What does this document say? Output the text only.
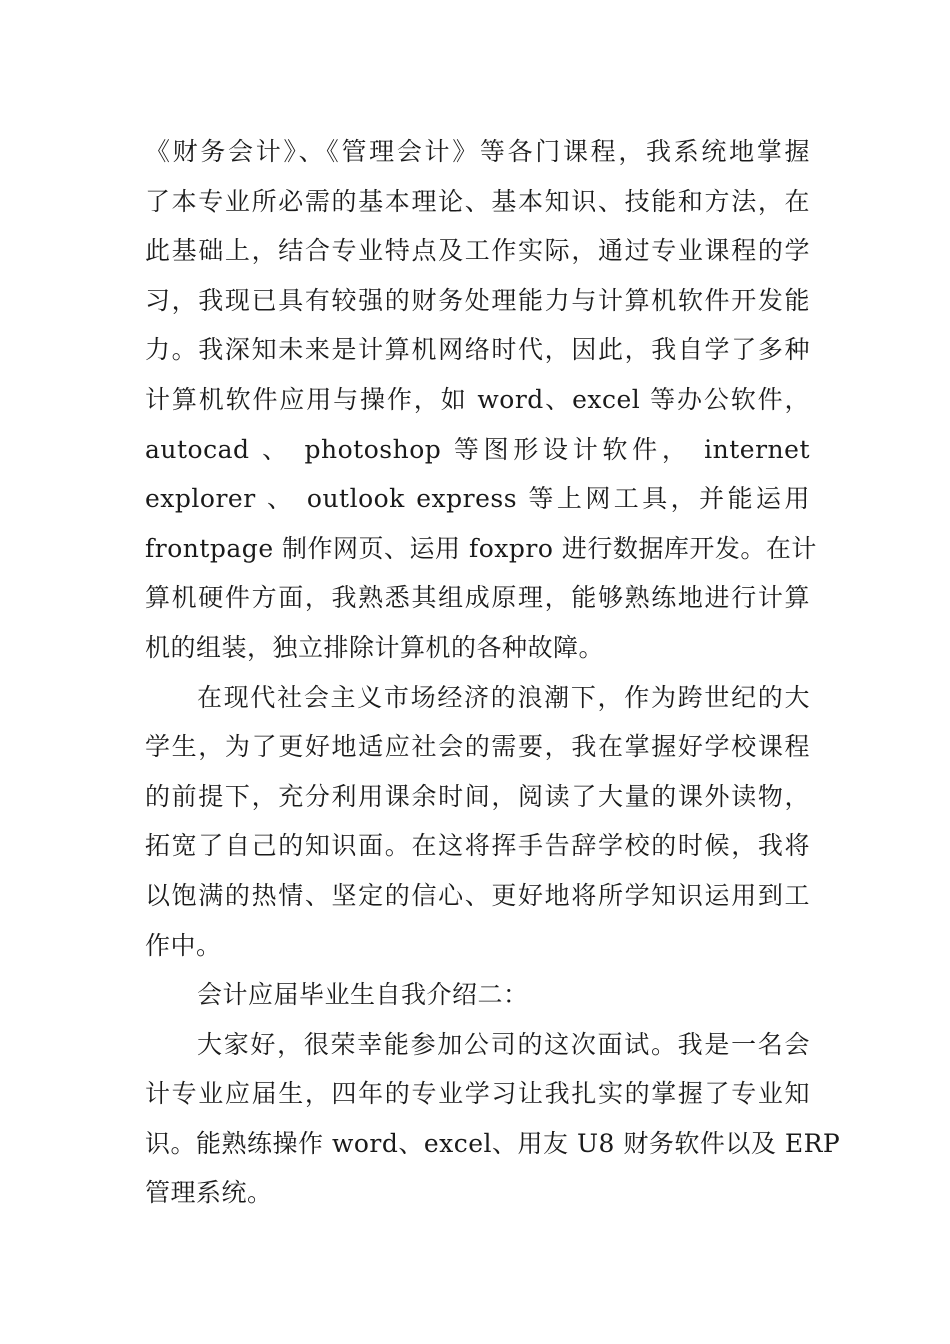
《财务会计》、《管理会计》等各门课程，我系统地掌握
了本专业所必需的基本理论、基本知识、技能和方法，在
此基础上，结合专业特点及工作实际，通过专业课程的学
习，我现已具有较强的财务处理能力与计算机软件开发能
力。我深知未来是计算机网络时代，因此，我自学了多种
计算机软件应用与操作，如 word、excel 等办公软件，
autocad 、 photoshop 等图形设计软件， internet
explorer 、 outlook express 等上网工具，并能运用
frontpage 制作网页、运用 foxpro 进行数据库开发。在计
算机硬件方面，我熟悉其组成原理，能够熟练地进行计算
机的组装，独立排除计算机的各种故障。
在现代社会主义市场经济的浪潮下，作为跨世纪的大
学生，为了更好地适应社会的需要，我在掌握好学校课程
的前提下，充分利用课余时间，阅读了大量的课外读物，
拓宽了自己的知识面。在这将挥手告辞学校的时候，我将
以饱满的热情、坚定的信心、更好地将所学知识运用到工
作中。
会计应届毕业生自我介绍二：
大家好，很荣幸能参加公司的这次面试。我是一名会
计专业应届生，四年的专业学习让我扎实的掌握了专业知
识。能熟练操作 word、excel、用友 U8 财务软件以及 ERP
管理系统。
